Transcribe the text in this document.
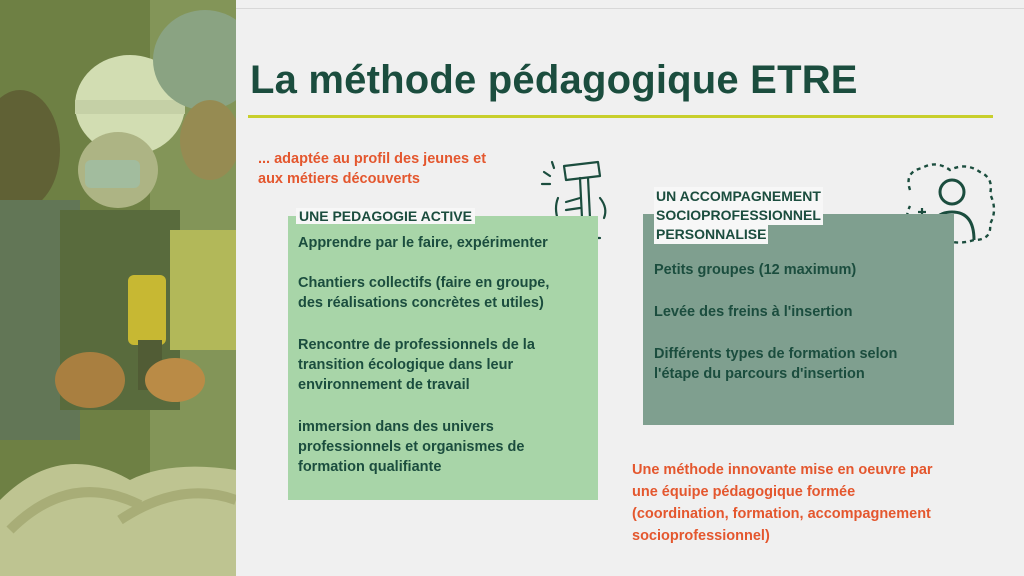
La méthode pédagogique ETRE
... adaptée au profil des jeunes et
aux métiers découverts
UNE PEDAGOGIE ACTIVE
Apprendre par le faire, expérimenter
Chantiers collectifs (faire en groupe,
des réalisations concrètes et utiles)
Rencontre de professionnels de la
transition écologique dans leur
environnement de travail
immersion dans des univers
professionnels et organismes de
formation qualifiante
UN ACCOMPAGNEMENT
SOCIOPROFESSIONNEL
PERSONNALISE
Petits groupes (12 maximum)
Levée des freins à l'insertion
Différents types de formation selon
l'étape du parcours d'insertion
Une méthode innovante mise en oeuvre par
une équipe pédagogique formée
(coordination, formation, accompagnement
socioprofessionnel)
